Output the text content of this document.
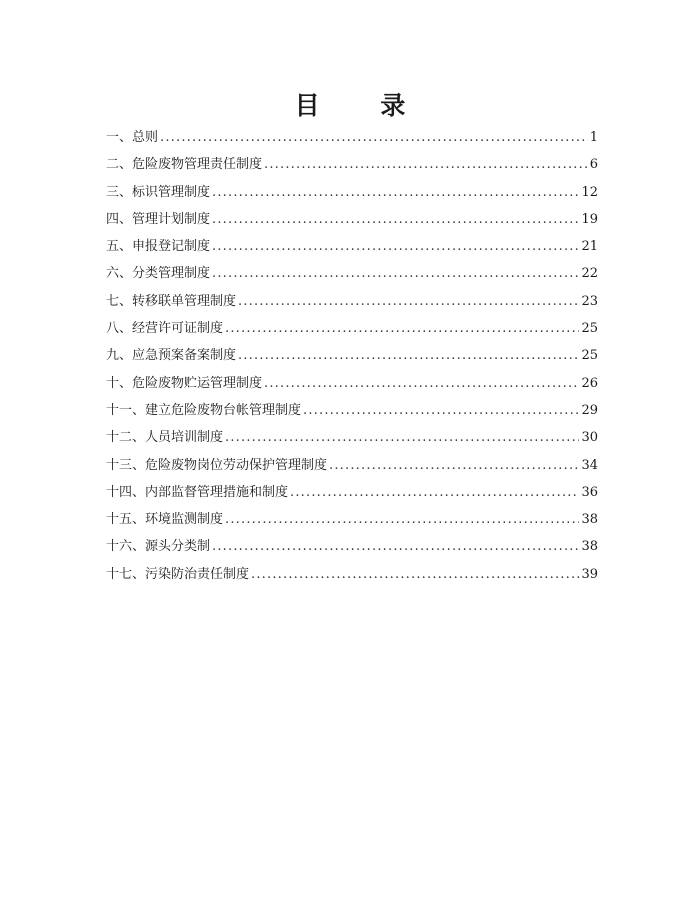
目 录
一、总则 .....	1
二、危险废物管理责任制度 .....	6
三、标识管理制度 .....	12
四、管理计划制度 .....	19
五、申报登记制度 .....	21
六、分类管理制度 .....	22
七、转移联单管理制度 .....	23
八、经营许可证制度 .....	25
九、应急预案备案制度 .....	25
十、危险废物贮运管理制度 .....	26
十一、建立危险废物台帐管理制度 .....	29
十二、人员培训制度 .....	30
十三、危险废物岗位劳动保护管理制度 .....	34
十四、内部监督管理措施和制度 .....	36
十五、环境监测制度 .....	38
十六、源头分类制 .....	38
十七、污染防治责任制度 .....	39
